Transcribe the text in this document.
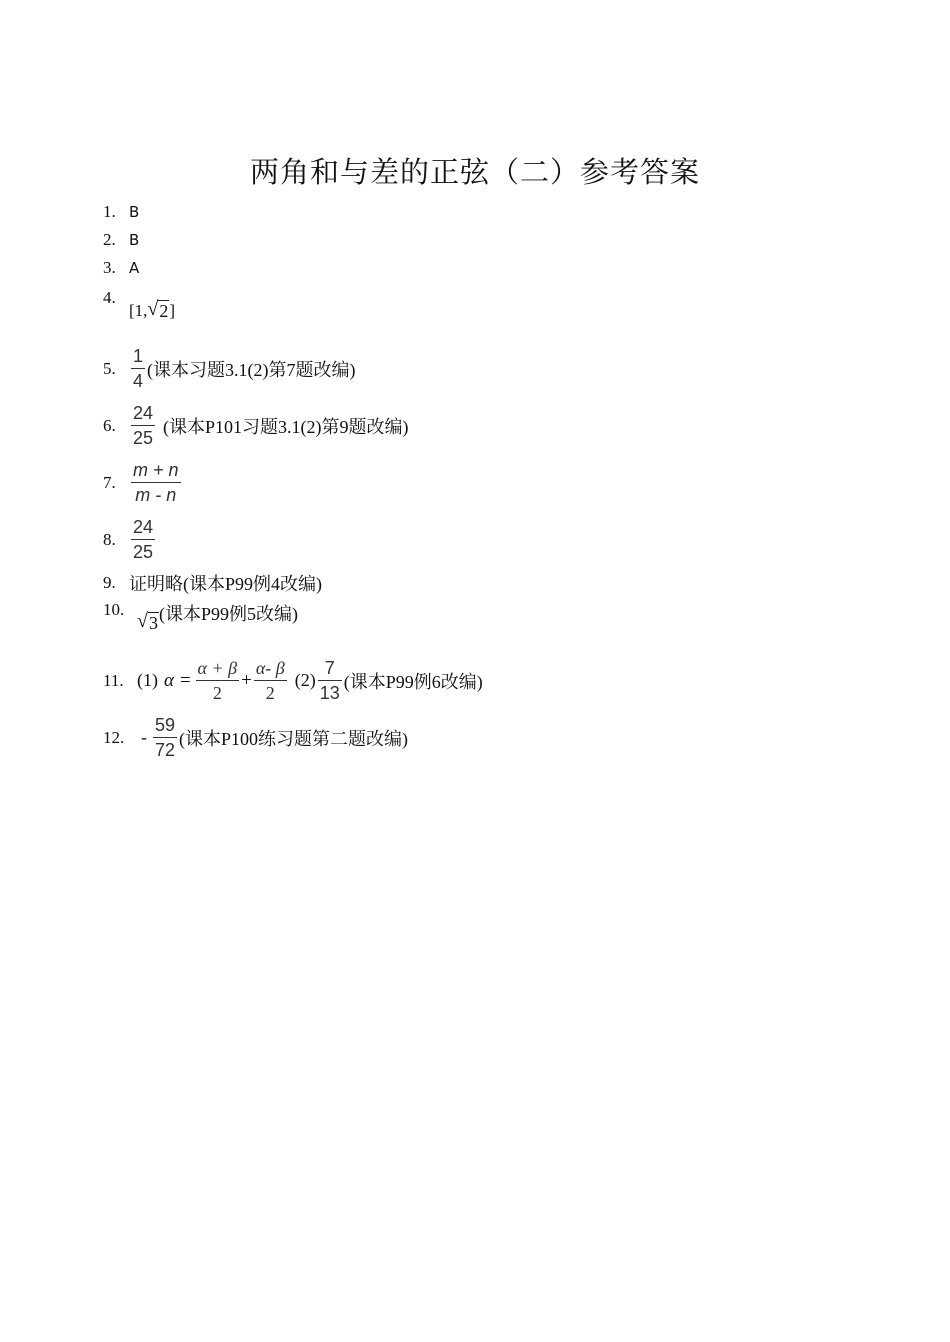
两角和与差的正弦（二）参考答案
1. B
2. B
3. A
4.
[1, √ 2 ]
5. $\frac{1}{4}$ (课本习题3.1(2)第7题改编)
6. $\frac{24}{25}$ (课本P101习题3.1(2)第9题改编)
7. $\frac{m + n}{m - n}$
8. $\frac{24}{25}$
9. 证明略(课本P99例4改编)
10.
√ 3 (课本P99例5改编)
11. (1) $\alpha = \frac{\alpha + \beta}{2} + \frac{\alpha- \beta}{2} (2) \frac{7}{13}$ (课本P99例6改编)
12. - $\frac{59}{72}$ (课本P100练习题第二题改编)
